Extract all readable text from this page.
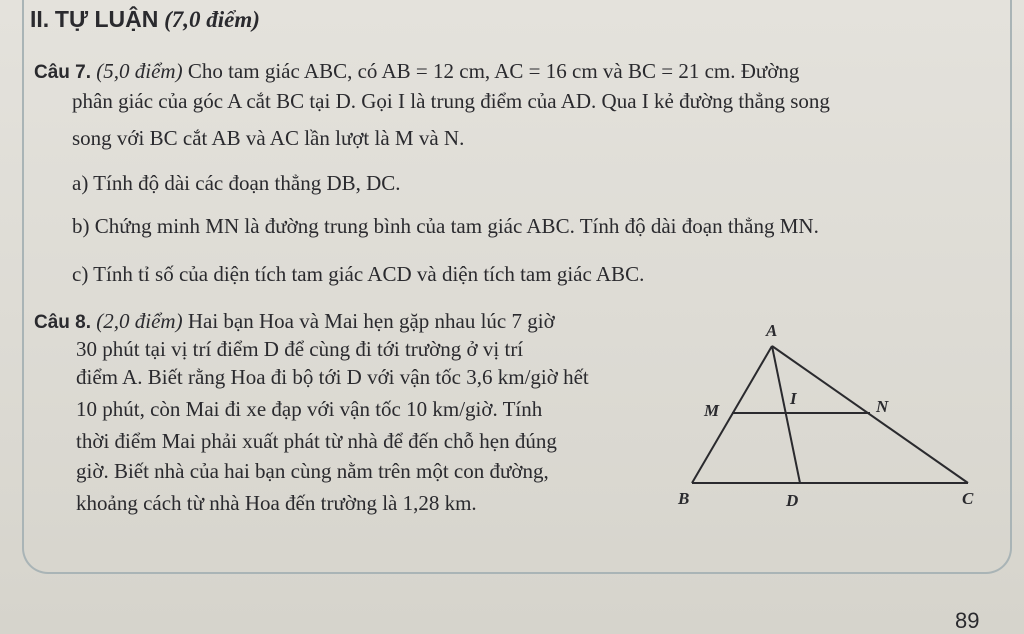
II. TỰ LUẬN (7,0 điểm)
Câu 7. (5,0 điểm) Cho tam giác ABC, có AB = 12 cm, AC = 16 cm và BC = 21 cm. Đường
phân giác của góc A cắt BC tại D. Gọi I là trung điểm của AD. Qua I kẻ đường thẳng song
song với BC cắt AB và AC lần lượt là M và N.
a) Tính độ dài các đoạn thẳng DB, DC.
b) Chứng minh MN là đường trung bình của tam giác ABC. Tính độ dài đoạn thẳng MN.
c) Tính tỉ số của diện tích tam giác ACD và diện tích tam giác ABC.
Câu 8. (2,0 điểm) Hai bạn Hoa và Mai hẹn gặp nhau lúc 7 giờ
30 phút tại vị trí điểm D để cùng đi tới trường ở vị trí
điểm A. Biết rằng Hoa đi bộ tới D với vận tốc 3,6 km/giờ hết
10 phút, còn Mai đi xe đạp với vận tốc 10 km/giờ. Tính
thời điểm Mai phải xuất phát từ nhà để đến chỗ hẹn đúng
giờ. Biết nhà của hai bạn cùng nằm trên một con đường,
khoảng cách từ nhà Hoa đến trường là 1,28 km.
A
B	C
D
M	N
I
89
